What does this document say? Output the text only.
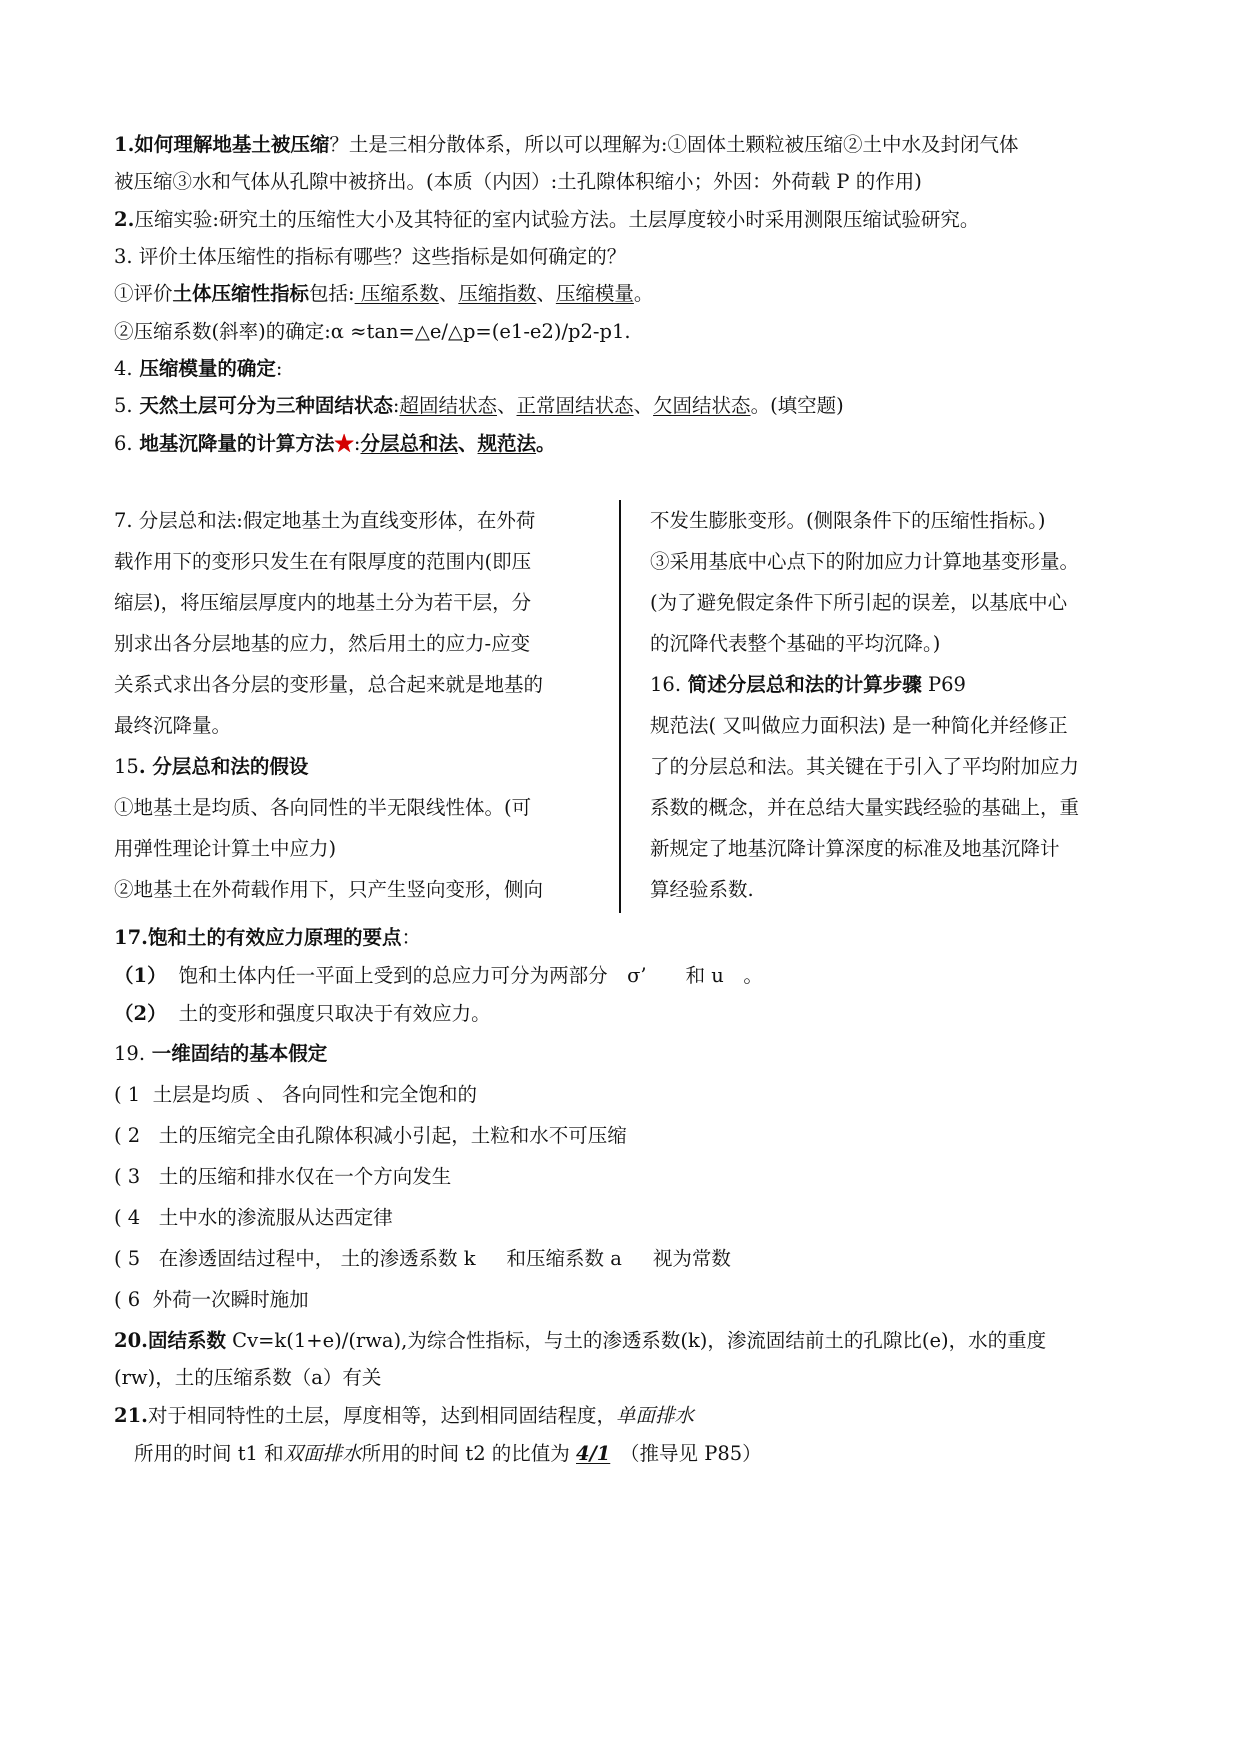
1.如何理解地基土被压缩？土是三相分散体系，所以可以理解为:①固体土颗粒被压缩②土中水及封闭气体
被压缩③水和气体从孔隙中被挤出。(本质（内因）:土孔隙体积缩小；外因：外荷载 P 的作用)
2.压缩实验:研究土的压缩性大小及其特征的室内试验方法。土层厚度较小时采用测限压缩试验研究。
3. 评价土体压缩性的指标有哪些？这些指标是如何确定的？
①评价土体压缩性指标包括: 压缩系数、压缩指数、压缩模量。
②压缩系数(斜率)的确定:α ≈tan=△e/△p=(e1-e2)/p2-p1.
4. 压缩模量的确定:
5. 天然土层可分为三种固结状态:超固结状态、正常固结状态、欠固结状态。(填空题)
6. 地基沉降量的计算方法★:分层总和法、规范法。

7. 分层总和法:假定地基土为直线变形体，在外荷

载作用下的变形只发生在有限厚度的范围内(即压

缩层)，将压缩层厚度内的地基土分为若干层，分

别求出各分层地基的应力，然后用土的应力-应变

关系式求出各分层的变形量，总合起来就是地基的

最终沉降量。

15. 分层总和法的假设

①地基土是均质、各向同性的半无限线性体。(可

用弹性理论计算土中应力)

②地基土在外荷载作用下，只产生竖向变形，侧向

不发生膨胀变形。(侧限条件下的压缩性指标。)

③采用基底中心点下的附加应力计算地基变形量。

(为了避免假定条件下所引起的误差，以基底中心

的沉降代表整个基础的平均沉降。)

16. 简述分层总和法的计算步骤 P69

规范法( 又叫做应力面积法) 是一种简化并经修正

了的分层总和法。其关键在于引入了平均附加应力

系数的概念，并在总结大量实践经验的基础上，重

新规定了地基沉降计算深度的标准及地基沉降计

算经验系数.

17.饱和土的有效应力原理的要点：
（1） 饱和土体内任一平面上受到的总应力可分为两部分　σ’　　和 u　。
（2） 土的变形和强度只取决于有效应力。
19. 一维固结的基本假定
( 1  土层是均质 、 各向同性和完全饱和的
( 2   土的压缩完全由孔隙体积减小引起，土粒和水不可压缩
( 3   土的压缩和排水仅在一个方向发生
( 4   土中水的渗流服从达西定律
( 5   在渗透固结过程中， 土的渗透系数 k     和压缩系数 a     视为常数
( 6  外荷一次瞬时施加
20.固结系数 Cv=k(1+e)/(rwa),为综合性指标，与土的渗透系数(k)，渗流固结前土的孔隙比(e)，水的重度
(rw)，土的压缩系数（a）有关
21.对于相同特性的土层，厚度相等，达到相同固结程度，单面排水
所用的时间 t1 和双面排水所用的时间 t2 的比值为 4/1　（推导见 P85）
